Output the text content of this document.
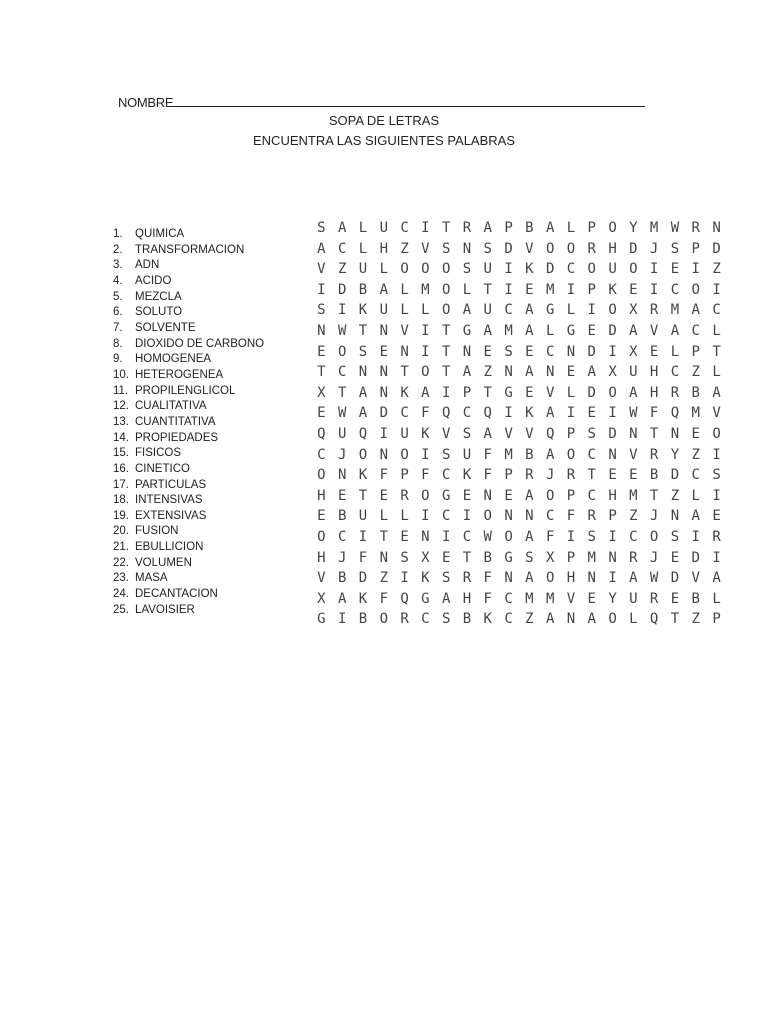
NOMBRE
SOPA DE LETRAS
ENCUENTRA LAS SIGUIENTES PALABRAS
1. QUIMICA
2. TRANSFORMACION
3. ADN
4. ACIDO
5. MEZCLA
6. SOLUTO
7. SOLVENTE
8. DIOXIDO DE CARBONO
9. HOMOGENEA
10. HETEROGENEA
11. PROPILENGLICOL
12. CUALITATIVA
13. CUANTITATIVA
14. PROPIEDADES
15. FISICOS
16. CINETICO
17. PARTICULAS
18. INTENSIVAS
19. EXTENSIVAS
20. FUSION
21. EBULLICION
22. VOLUMEN
23. MASA
24. DECANTACION
25. LAVOISIER
S A L U C I T R A P B A L P O Y M W R N
A C L H Z V S N S D V O O R H D J S P D
V Z U L O O O S U I K D C O U O I E I Z
I D B A L M O L T I E M I P K E I C O I
S I K U L L O A U C A G L I O X R M A C
N W T N V I T G A M A L G E D A V A C L
E O S E N I T N E S E C N D I X E L P T
T C N N T O T A Z N A N E A X U H C Z L
X T A N K A I P T G E V L D O A H R B A
E W A D C F Q C Q I K A I E I W F Q M V
Q U Q I U K V S A V V Q P S D N T N E O
C J O N O I S U F M B A O C N V R Y Z I
O N K F P F C K F P R J R T E E B D C S
H E T E R O G E N E A O P C H M T Z L I
E B U L L I C I O N N C F R P Z J N A E
O C I T E N I C W O A F I S I C O S I R
H J F N S X E T B G S X P M N R J E D I
V B D Z I K S R F N A O H N I A W D V A
X A K F Q G A H F C M M V E Y U R E B L
G I B O R C S B K C Z A N A O L Q T Z P
